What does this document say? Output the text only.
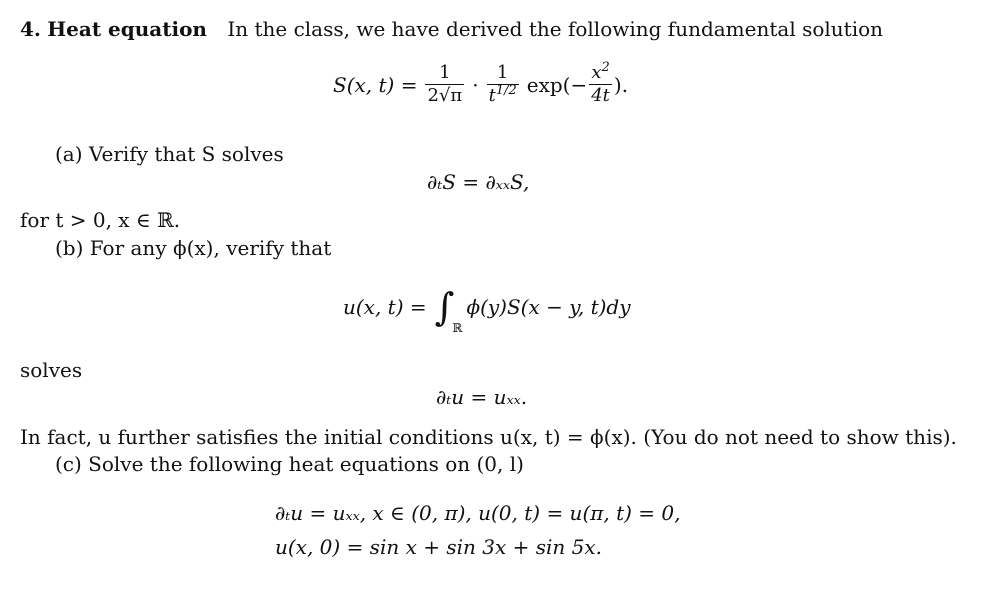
4. Heat equation In the class, we have derived the following fundamental solution
S(x, $t) = \frac{1}{2√\pi} \cdot \frac{1}{t^{1/2}} \exp(- \frac{x^2}{4t}$ ).
(a) Verify that S solves
∂ₜS = ∂ₓₓS,
for t > 0, x ∈ ℝ.
(b) For any ϕ(x), verify that
u(x, t) = ∫
ℝ
ϕ(y)S(x − y, t)dy
solves
∂ₜu = uₓₓ.
In fact, u further satisfies the initial conditions u(x, t) = ϕ(x). (You do not need to show this).
(c) Solve the following heat equations on (0, l)
∂ₜu = uₓₓ, x ∈ (0, π), u(0, t) = u(π, t) = 0,
u(x, 0) = sin x + sin 3x + sin 5x.
